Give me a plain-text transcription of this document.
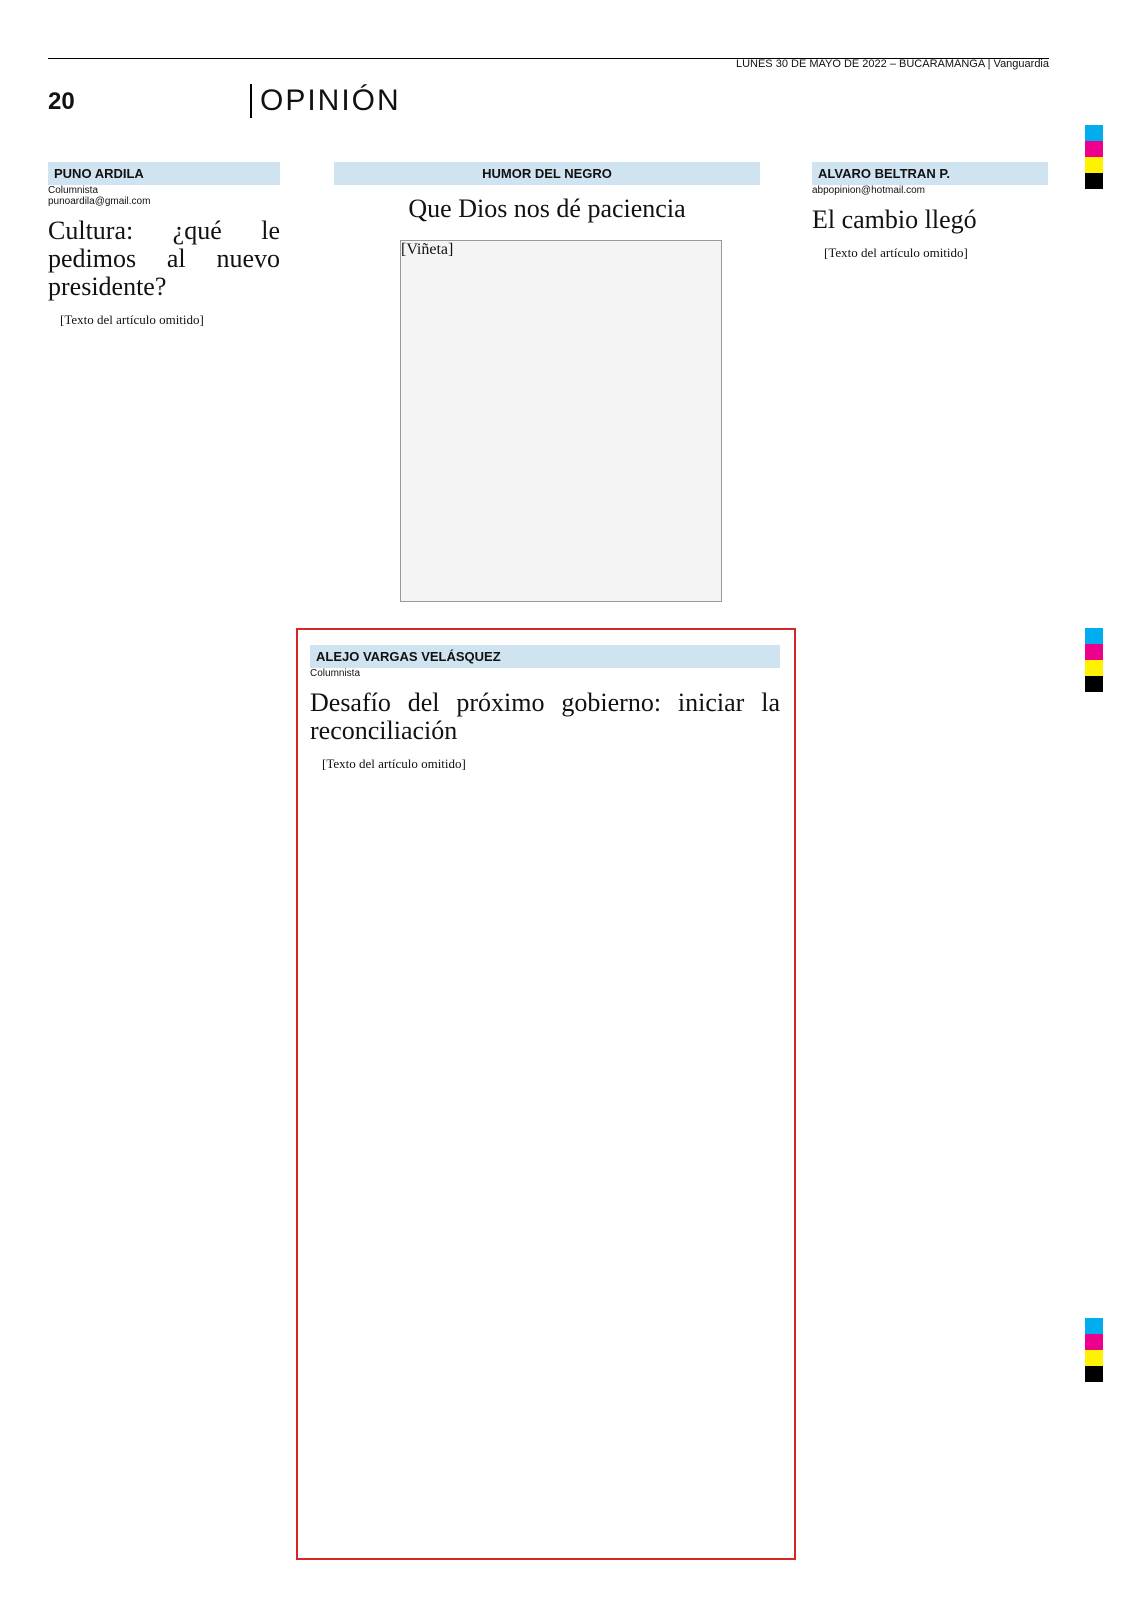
LUNES 30 DE MAYO DE 2022 – BUCARAMANGA | Vanguardia
20	OPINIÓN
PUNO ARDILA
Columnista
punoardila@gmail.com
Cultura: ¿qué le pedimos al nuevo presidente?

[Texto del artículo omitido]

HUMOR DEL NEGRO
Que Dios nos dé paciencia
[Viñeta]
ALEJO VARGAS VELÁSQUEZ
Columnista
Desafío del próximo gobierno: iniciar la reconciliación

[Texto del artículo omitido]

ALVARO BELTRAN P.
abpopinion@hotmail.com
El cambio llegó

[Texto del artículo omitido]
